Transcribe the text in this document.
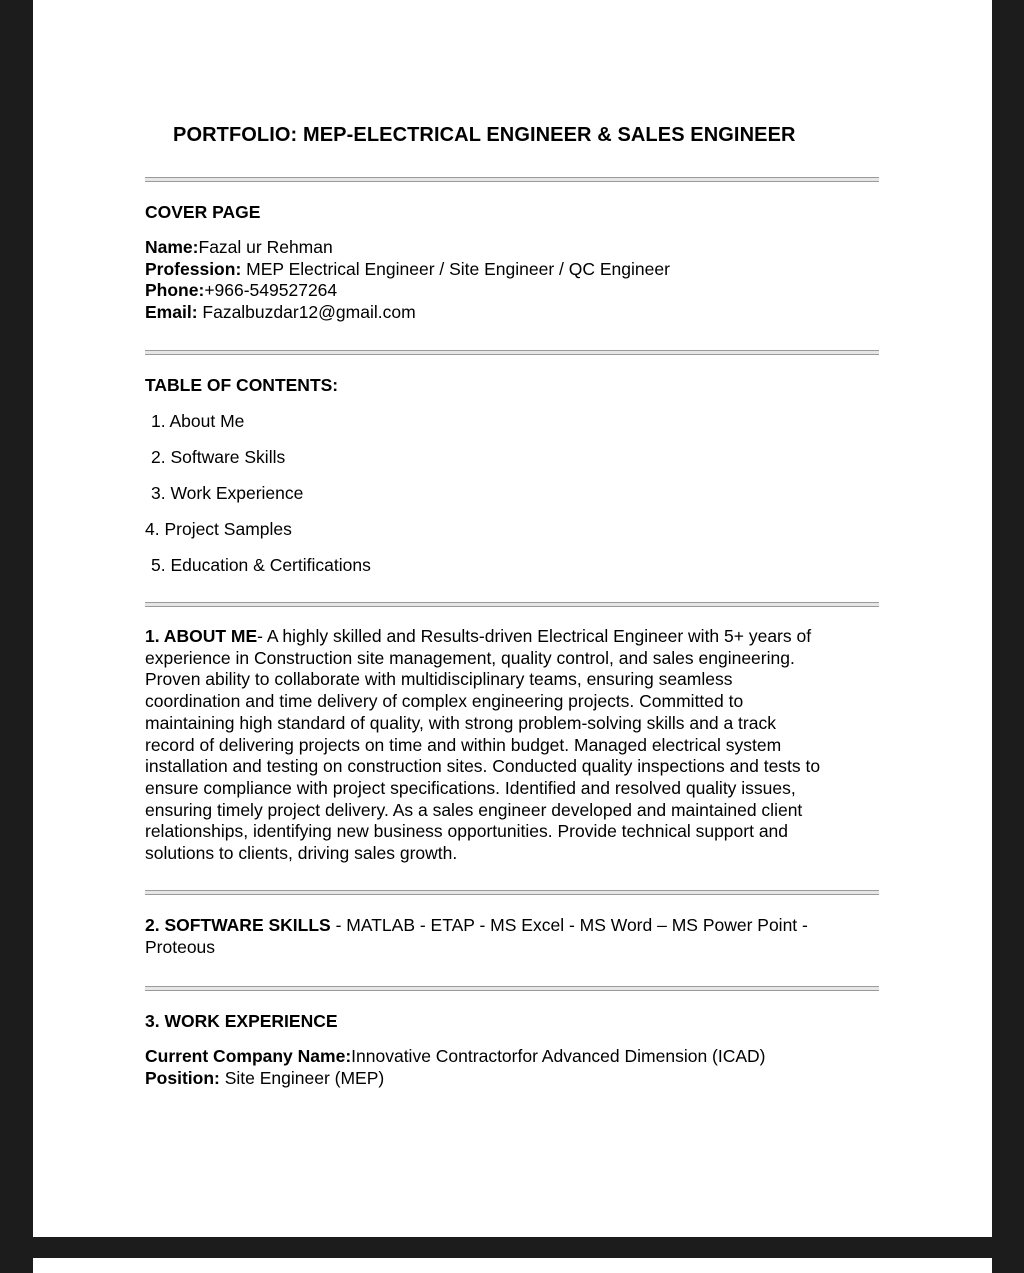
PORTFOLIO: MEP-ELECTRICAL ENGINEER & SALES ENGINEER
COVER PAGE
Name:Fazal ur Rehman
Profession: MEP Electrical Engineer / Site Engineer / QC Engineer
Phone:+966-549527264
Email: Fazalbuzdar12@gmail.com
TABLE OF CONTENTS:
1. About Me
2. Software Skills
3. Work Experience
4. Project Samples
5. Education & Certifications
1. ABOUT ME- A highly skilled and Results-driven Electrical Engineer with 5+ years of
experience in Construction site management, quality control, and sales engineering.
Proven ability to collaborate with multidisciplinary teams, ensuring seamless
coordination and time delivery of complex engineering projects. Committed to
maintaining high standard of quality, with strong problem-solving skills and a track
record of delivering projects on time and within budget. Managed electrical system
installation and testing on construction sites. Conducted quality inspections and tests to
ensure compliance with project specifications. Identified and resolved quality issues,
ensuring timely project delivery. As a sales engineer developed and maintained client
relationships, identifying new business opportunities. Provide technical support and
solutions to clients, driving sales growth.
2. SOFTWARE SKILLS - MATLAB - ETAP - MS Excel - MS Word – MS Power Point -
Proteous
3. WORK EXPERIENCE
Current Company Name:Innovative Contractorfor Advanced Dimension (ICAD)
Position: Site Engineer (MEP)
